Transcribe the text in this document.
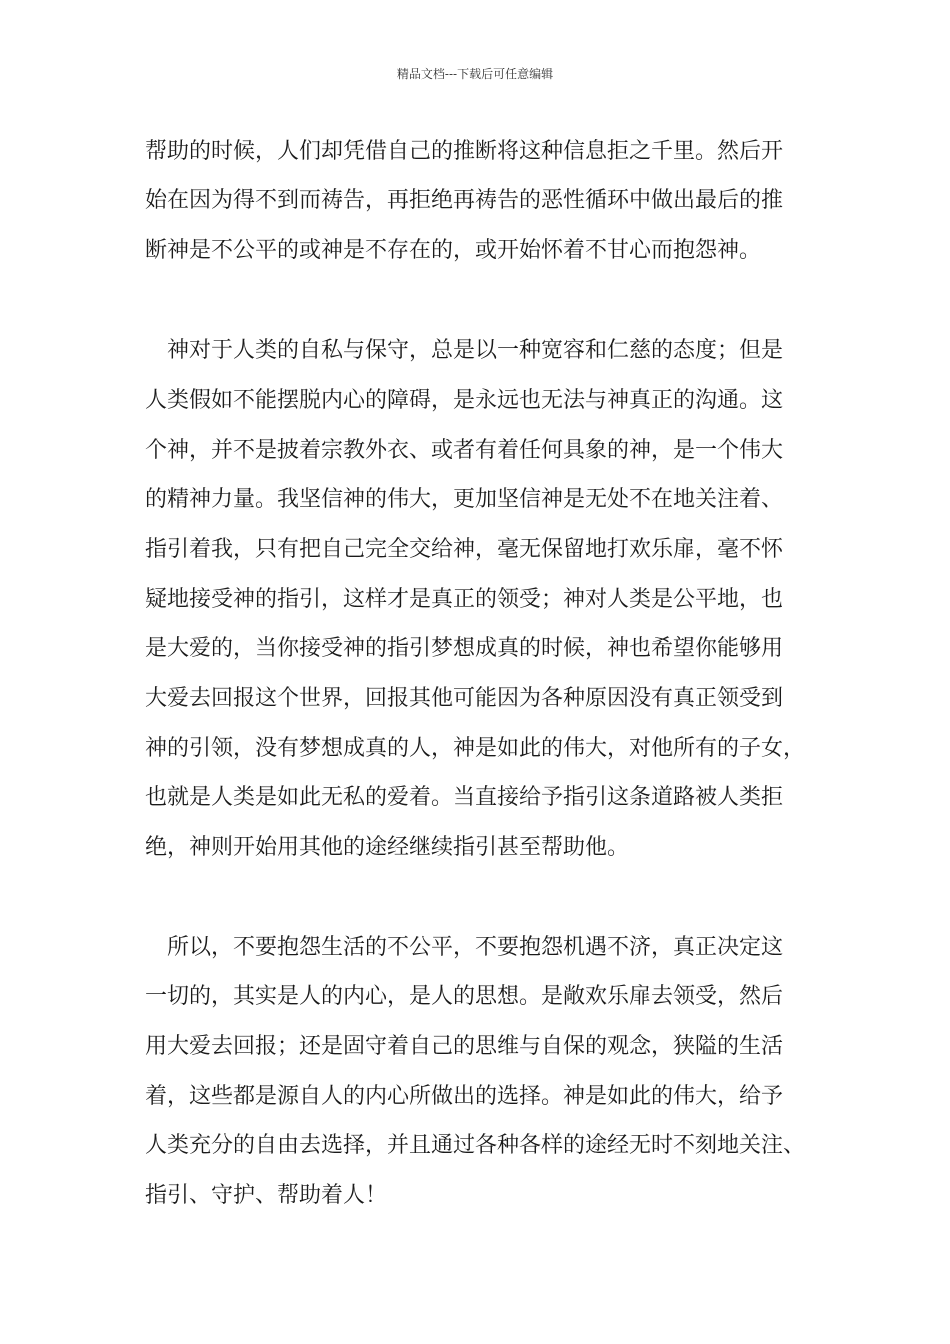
精品文档---下载后可任意编辑
帮助的时候，人们却凭借自己的推断将这种信息拒之千里。然后开
始在因为得不到而祷告，再拒绝再祷告的恶性循环中做出最后的推
断神是不公平的或神是不存在的，或开始怀着不甘心而抱怨神。
　神对于人类的自私与保守，总是以一种宽容和仁慈的态度；但是
人类假如不能摆脱内心的障碍，是永远也无法与神真正的沟通。这
个神，并不是披着宗教外衣、或者有着任何具象的神，是一个伟大
的精神力量。我坚信神的伟大，更加坚信神是无处不在地关注着、
指引着我，只有把自己完全交给神，毫无保留地打欢乐扉，毫不怀
疑地接受神的指引，这样才是真正的领受；神对人类是公平地，也
是大爱的，当你接受神的指引梦想成真的时候，神也希望你能够用
大爱去回报这个世界，回报其他可能因为各种原因没有真正领受到
神的引领，没有梦想成真的人，神是如此的伟大，对他所有的子女，
也就是人类是如此无私的爱着。当直接给予指引这条道路被人类拒
绝，神则开始用其他的途经继续指引甚至帮助他。
　所以，不要抱怨生活的不公平，不要抱怨机遇不济，真正决定这
一切的，其实是人的内心，是人的思想。是敞欢乐扉去领受，然后
用大爱去回报；还是固守着自己的思维与自保的观念，狭隘的生活
着，这些都是源自人的内心所做出的选择。神是如此的伟大，给予
人类充分的自由去选择，并且通过各种各样的途经无时不刻地关注、
指引、守护、帮助着人！
